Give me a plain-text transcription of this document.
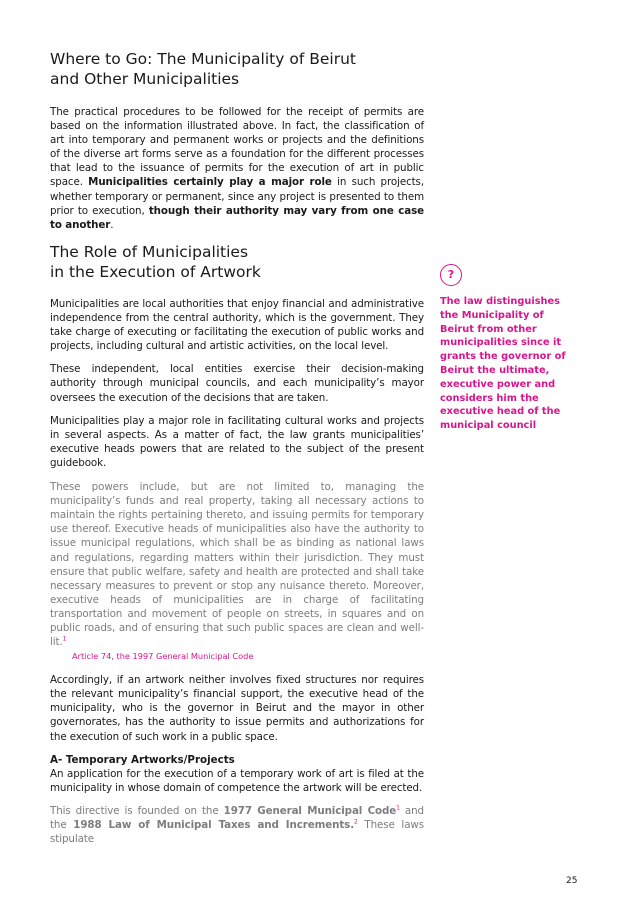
Where to Go: The Municipality of Beirut
and Other Municipalities

The practical procedures to be followed for the receipt of permits are based on the information illustrated above. In fact, the classification of art into temporary and permanent works or projects and the definitions of the diverse art forms serve as a foundation for the different processes that lead to the issuance of permits for the execution of art in public space. Municipalities certainly play a major role in such projects, whether temporary or permanent, since any project is presented to them prior to execution, though their authority may vary from one case to another.

The Role of Municipalities
in the Execution of Artwork

Municipalities are local authorities that enjoy financial and administrative independence from the central authority, which is the government. They take charge of executing or facilitating the execution of public works and projects, including cultural and artistic activities, on the local level.

These independent, local entities exercise their decision-making authority through municipal councils, and each municipality’s mayor oversees the execution of the decisions that are taken.

Municipalities play a major role in facilitating cultural works and projects in several aspects. As a matter of fact, the law grants municipalities’ executive heads powers that are related to the subject of the present guidebook.

These powers include, but are not limited to, managing the municipality’s funds and real property, taking all necessary actions to maintain the rights pertaining thereto, and issuing permits for temporary use thereof. Executive heads of municipalities also have the authority to issue municipal regulations, which shall be as binding as national laws and regulations, regarding matters within their jurisdiction. They must ensure that public welfare, safety and health are protected and shall take necessary measures to prevent or stop any nuisance thereto. Moreover, executive heads of municipalities are in charge of facilitating transportation and movement of people on streets, in squares and on public roads, and of ensuring that such public spaces are clean and well-lit.$^1$

Article 74, the 1997 General Municipal Code

Accordingly, if an artwork neither involves fixed structures nor requires the relevant municipality’s financial support, the executive head of the municipality, who is the governor in Beirut and the mayor in other governorates, has the authority to issue permits and authorizations for the execution of such work in a public space.

A- Temporary Artworks/Projects

An application for the execution of a temporary work of art is filed at the municipality in whose domain of competence the artwork will be erected.

This directive is founded on the 1977 General Municipal Code$^1$ and the 1988 Law of Municipal Taxes and Increments.$^2$ These laws stipulate

?
The law distinguishes the Municipality of Beirut from other municipalities since it grants the governor of Beirut the ultimate, executive power and considers him the executive head of the municipal council
25
